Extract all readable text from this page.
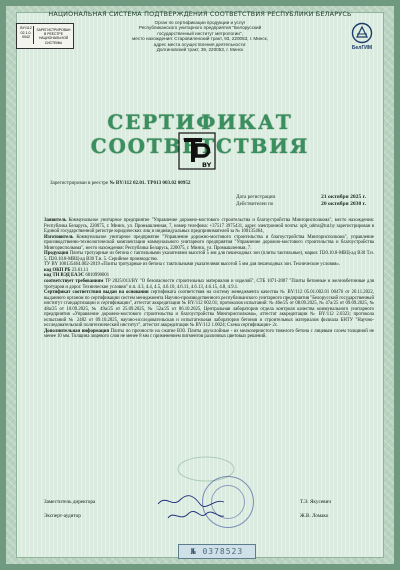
НАЦИОНАЛЬНАЯ СИСТЕМА ПОДТВЕРЖДЕНИЯ СООТВЕТСТВИЯ РЕСПУБЛИКИ БЕЛАРУСЬ
Орган по сертификации продукции и услуг
Республиканского унитарного предприятия "Белорусский
государственный институт метрологии",
место нахождения: Старовиленский тракт, 93, 220053, г. Минск,
адрес места осуществления деятельности:
Долгиновский тракт, 39, 220053, г. Минск
BY/112
02.1.0.
0042
ЗАРЕГИСТРИРОВАН
В РЕЕСТРЕ
НАЦИОНАЛЬНОЙ
СИСТЕМЫ
БелГИМ
СЕРТИФИКАТ СООТВЕТСТВИЯ
BY
Зарегистрирован в реестре № BY/112 02.01. ТР013 003.02 00952
Дата регистрации	21 октября 2025 г.
Действителен по	20 октября 2030 г.

Заявитель Коммунальное унитарное предприятие "Управление дорожно-мостового строительства и благоустройства Мингорисполкома", место нахождения: Республика Беларусь, 220075, г. Минск, ул. Промышленная, 7, номер телефона: +37517 3975431, адрес электронной почты: upb_udms@tut.by зарегистрирован в Единой государственной регистре юридических лиц и индивидуальных предпринимателей за № 100135464,

Изготовитель Коммунальное унитарное предприятие "Управление дорожно-мостового строительства и благоустройства Мингорисполкома", управление производственно-технологической комплектации коммунального унитарного предприятия "Управление дорожно-мостового строительства и благоустройства Мингорисполкома", место нахождения: Республика Беларусь, 220075, г. Минск, ул. Промышленная, 7.

Продукция Плиты тротуарные из бетона с тактильными указателями высотой 5 мм для пешеходных зон (плиты тактильные), марки: П20.10.8-МВЦ-ад В30 Т.н. 5, П20.10.8-МВЦ-ад В30 Т.н. 5. Серийное производство.

ТУ BY 100135464.002-2019 «Плиты тротуарные из бетона с тактильными указателями высотой 5 мм для пешеходных зон. Технические условия».

код ОКП РБ 23.61.11

код ТН ВЭД ЕАЭС 6810990001

соответствует требованиям ТР 2025/013/BY "О безопасности строительных материалов и изделий", СТБ 1071-2007 "Плиты бетонные и железобетонные для тротуаров и дорог. Технические условия" п.п. 4.3, 4.4, 4.5, 4.6.10, 4.6.11, 4.6.13, 4.6.15, 4.8, 4.9.1.

Сертификат соответствия выдан на основании сертификата соответствия на систему менеджмента качества № BY/112 05.01.002.01 00476 от 20.11.2022, выданного органом по сертификации систем менеджмента Научно-производственного республиканского унитарного предприятия "Белорусский государственный институт стандартизации и сертификации", аттестат аккредитации № BY/112 002.01; протоколов испытаний: № 46е/25 от 08.09.2025, № 47а/25 от 09.09.2025, № 48а/25 от 10.09.2025, № 49а/25 от 25.09.2025, № 52а/25 от 06.10.2025, Центральная лаборатория отдела контроля качества коммунального унитарного предприятия «Управление дорожно-мостового строительства и благоустройства Мингорисполкома», аттестат аккредитации № BY/112 2.0323; протокола испытаний № 2482 от 09.10.2025, научно-исследовательская и испытательная лаборатория бетонов и строительных материалов филиала БНТУ "Научно-исследовательский политехнический институт", аттестат аккредитации № BY/112 1.0024; Схема сертификации- 2с.

Дополнительная информация Плиты по прочности на сжатие В30. Плиты двухслойные - из мелкозернистого тяжелого бетона с лицевым слоем толщиной не менее 10 мм. Толщина лицевого слоя не менее 8 мм с применением пигментов различных цветовых решений.

Заместитель директора	Т.Э. Якусевич
Эксперт-аудитор	Ж.В. Ломако
№ 0378523
